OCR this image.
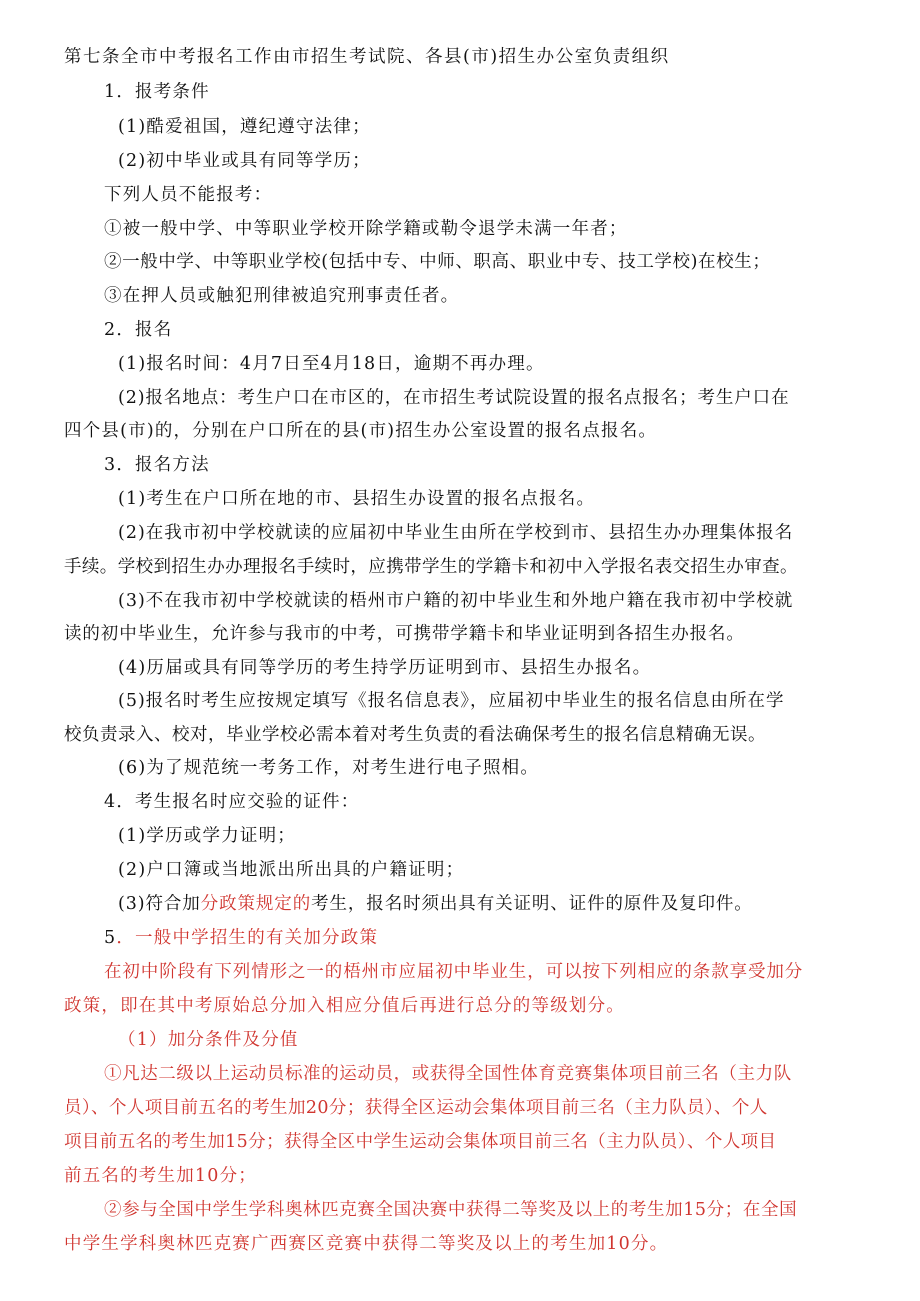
第七条全市中考报名工作由市招生考试院、各县(市)招生办公室负责组织
1．报考条件
(1)酷爱祖国，遵纪遵守法律；
(2)初中毕业或具有同等学历；
下列人员不能报考：
①被一般中学、中等职业学校开除学籍或勒令退学未满一年者；
②一般中学、中等职业学校(包括中专、中师、职高、职业中专、技工学校)在校生；
③在押人员或触犯刑律被追究刑事责任者。
2．报名
(1)报名时间：4月7日至4月18日，逾期不再办理。
(2)报名地点：考生户口在市区的，在市招生考试院设置的报名点报名；考生户口在
四个县(市)的，分别在户口所在的县(市)招生办公室设置的报名点报名。
3．报名方法
(1)考生在户口所在地的市、县招生办设置的报名点报名。
(2)在我市初中学校就读的应届初中毕业生由所在学校到市、县招生办办理集体报名
手续。学校到招生办办理报名手续时，应携带学生的学籍卡和初中入学报名表交招生办审查。
(3)不在我市初中学校就读的梧州市户籍的初中毕业生和外地户籍在我市初中学校就
读的初中毕业生，允许参与我市的中考，可携带学籍卡和毕业证明到各招生办报名。
(4)历届或具有同等学历的考生持学历证明到市、县招生办报名。
(5)报名时考生应按规定填写《报名信息表》，应届初中毕业生的报名信息由所在学
校负责录入、校对，毕业学校必需本着对考生负责的看法确保考生的报名信息精确无误。
(6)为了规范统一考务工作，对考生进行电子照相。
4．考生报名时应交验的证件：
(1)学历或学力证明；
(2)户口簿或当地派出所出具的户籍证明；
(3)符合加分政策规定的考生，报名时须出具有关证明、证件的原件及复印件。
5．一般中学招生的有关加分政策
在初中阶段有下列情形之一的梧州市应届初中毕业生，可以按下列相应的条款享受加分
政策，即在其中考原始总分加入相应分值后再进行总分的等级划分。
（1）加分条件及分值
①凡达二级以上运动员标准的运动员，或获得全国性体育竞赛集体项目前三名（主力队
员）、个人项目前五名的考生加20分；获得全区运动会集体项目前三名（主力队员）、个人
项目前五名的考生加15分；获得全区中学生运动会集体项目前三名（主力队员）、个人项目
前五名的考生加10分；
②参与全国中学生学科奥林匹克赛全国决赛中获得二等奖及以上的考生加15分；在全国
中学生学科奥林匹克赛广西赛区竞赛中获得二等奖及以上的考生加10分。
